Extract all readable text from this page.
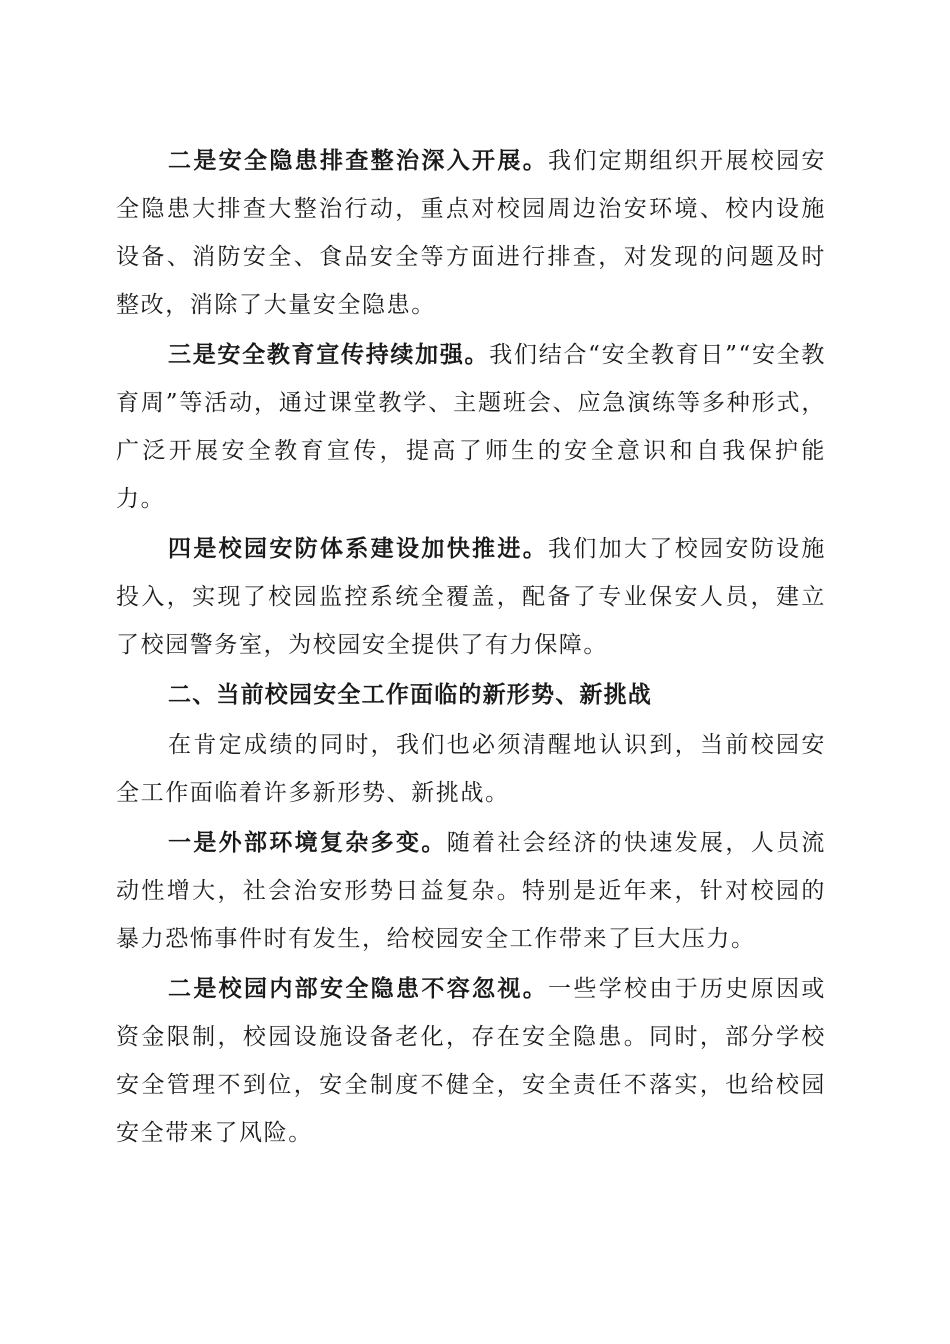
二是安全隐患排查整治深入开展。我们定期组织开展校园安全隐患大排查大整治行动，重点对校园周边治安环境、校内设施设备、消防安全、食品安全等方面进行排查，对发现的问题及时整改，消除了大量安全隐患。

三是安全教育宣传持续加强。我们结合“安全教育日”“安全教育周”等活动，通过课堂教学、主题班会、应急演练等多种形式，广泛开展安全教育宣传，提高了师生的安全意识和自我保护能力。

四是校园安防体系建设加快推进。我们加大了校园安防设施投入，实现了校园监控系统全覆盖，配备了专业保安人员，建立了校园警务室，为校园安全提供了有力保障。

二、当前校园安全工作面临的新形势、新挑战

在肯定成绩的同时，我们也必须清醒地认识到，当前校园安全工作面临着许多新形势、新挑战。

一是外部环境复杂多变。随着社会经济的快速发展，人员流动性增大，社会治安形势日益复杂。特别是近年来，针对校园的暴力恐怖事件时有发生，给校园安全工作带来了巨大压力。

二是校园内部安全隐患不容忽视。一些学校由于历史原因或资金限制，校园设施设备老化，存在安全隐患。同时，部分学校安全管理不到位，安全制度不健全，安全责任不落实，也给校园安全带来了风险。
